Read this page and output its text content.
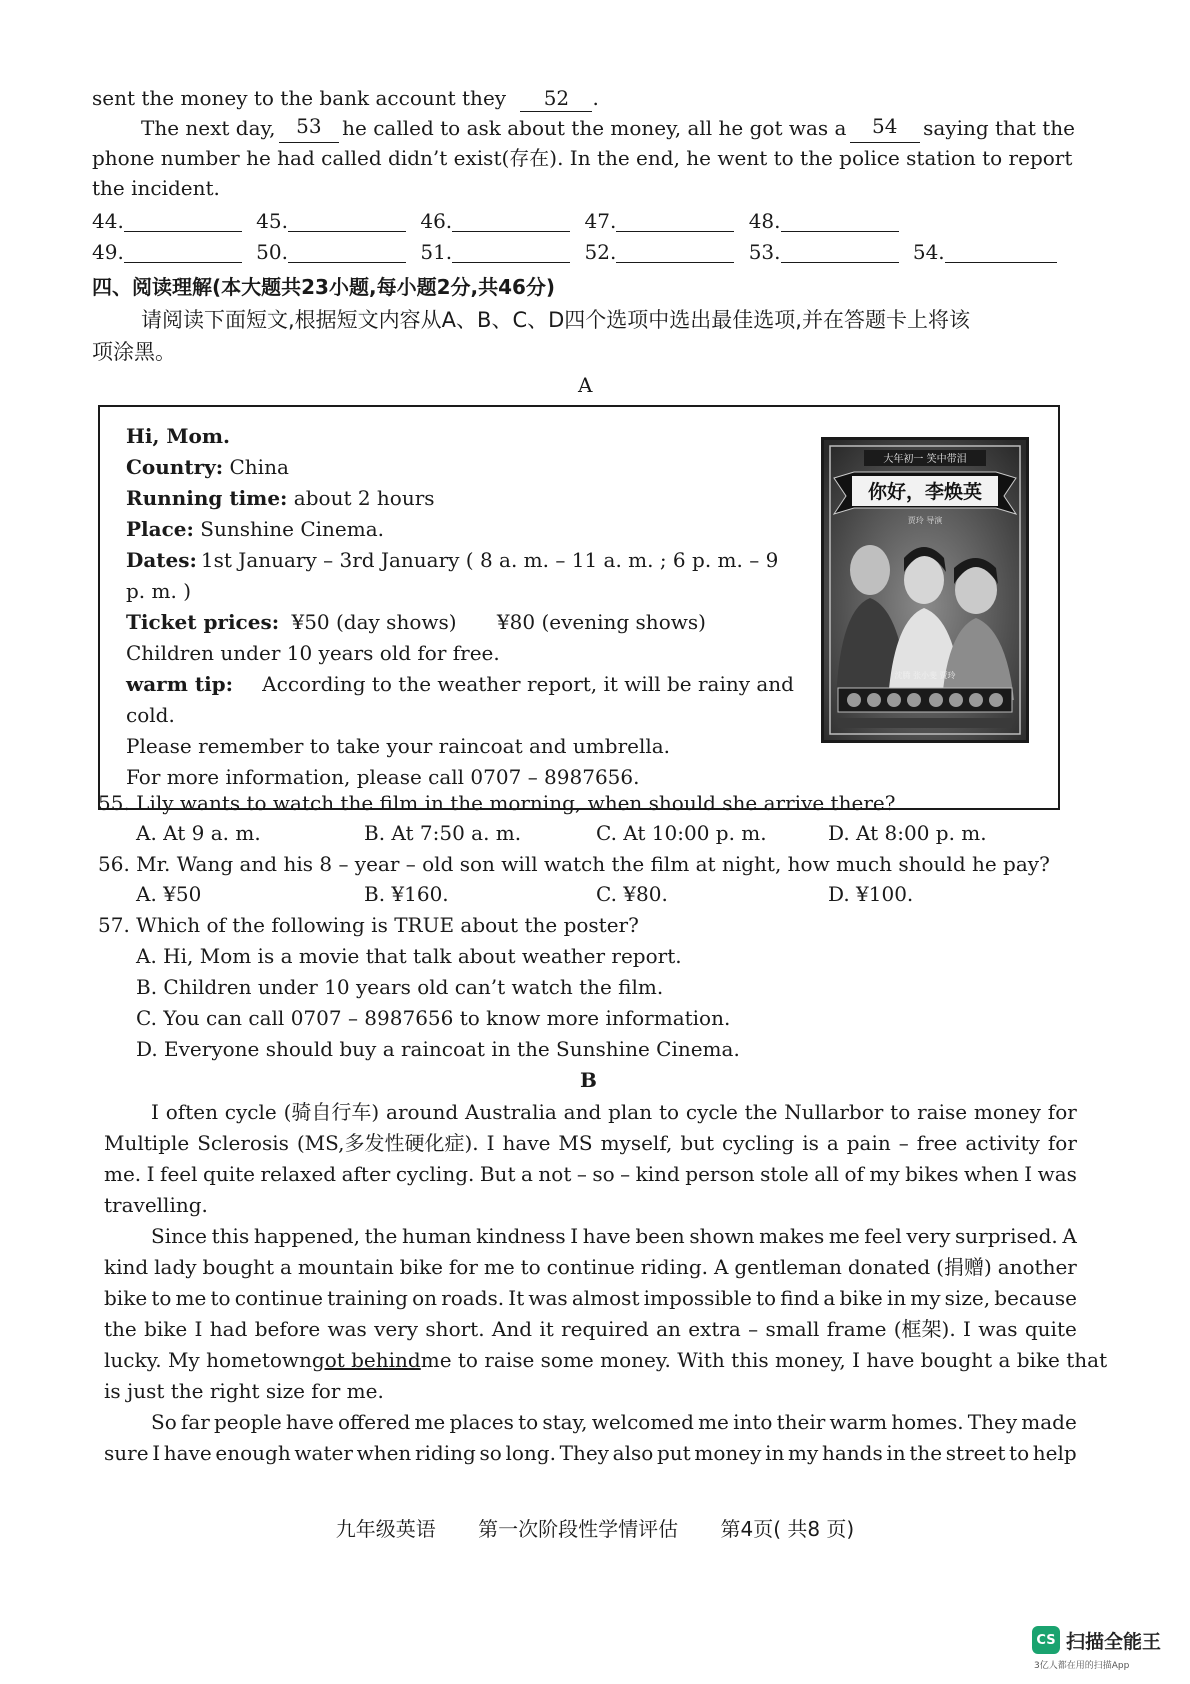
sent the money to the bank account they 52 .
The next day,	53	he called to ask about the money, all he got was a	54	saying that the
phone number he had called didn’t exist(存在). In the end, he went to the police station to report
the incident.
44.	45.	46.	47.	48.
49.	50.	51.	52.	53.	54.
四、阅读理解(本大题共23小题,每小题2分,共46分)
请阅读下面短文,根据短文内容从A、B、C、D四个选项中选出最佳选项,并在答题卡上将该
项涂黑。
A
Hi, Mom.
Country: China
Running time: about 2 hours
Place: Sunshine Cinema.
Dates: 1st January – 3rd January ( 8 a. m. – 11 a. m. ; 6 p. m. – 9
p. m. )
Ticket prices: ¥50 (day shows) ¥80 (evening shows)
Children under 10 years old for free.
warm tip: According to the weather report, it will be rainy and
cold.
Please remember to take your raincoat and umbrella.
For more information, please call 0707 – 8987656.
大年初一 笑中带泪
你好，李焕英
贾玲 导演
沈腾 张小斐 贾玲
55. Lily wants to watch the film in the morning, when should she arrive there?
A. At 9 a. m.	B. At 7:50 a. m.	C. At 10:00 p. m.	D. At 8:00 p. m.
56. Mr. Wang and his 8 – year – old son will watch the film at night, how much should he pay?
A. ¥50	B. ¥160.	C. ¥80.	D. ¥100.
57. Which of the following is TRUE about the poster?
A. Hi, Mom is a movie that talk about weather report.
B. Children under 10 years old can’t watch the film.
C. You can call 0707 – 8987656 to know more information.
D. Everyone should buy a raincoat in the Sunshine Cinema.
B
I often cycle (骑自行车) around Australia and plan to cycle the Nullarbor to raise money for
Multiple Sclerosis (MS,多发性硬化症). I have MS myself, but cycling is a pain – free activity for
me. I feel quite relaxed after cycling. But a not – so – kind person stole all of my bikes when I was
travelling.
Since this happened, the human kindness I have been shown makes me feel very surprised. A
kind lady bought a mountain bike for me to continue riding. A gentleman donated (捐赠) another
bike to me to continue training on roads. It was almost impossible to find a bike in my size, because
the bike I had before was very short. And it required an extra – small frame (框架). I was quite
lucky. My hometown got behind me to raise some money. With this money, I have bought a bike that
is just the right size for me.
So far people have offered me places to stay, welcomed me into their warm homes. They made
sure I have enough water when riding so long. They also put money in my hands in the street to help
九年级英语 第一次阶段性学情评估 第4页( 共8 页)
CS 扫描全能王
3亿人都在用的扫描App
